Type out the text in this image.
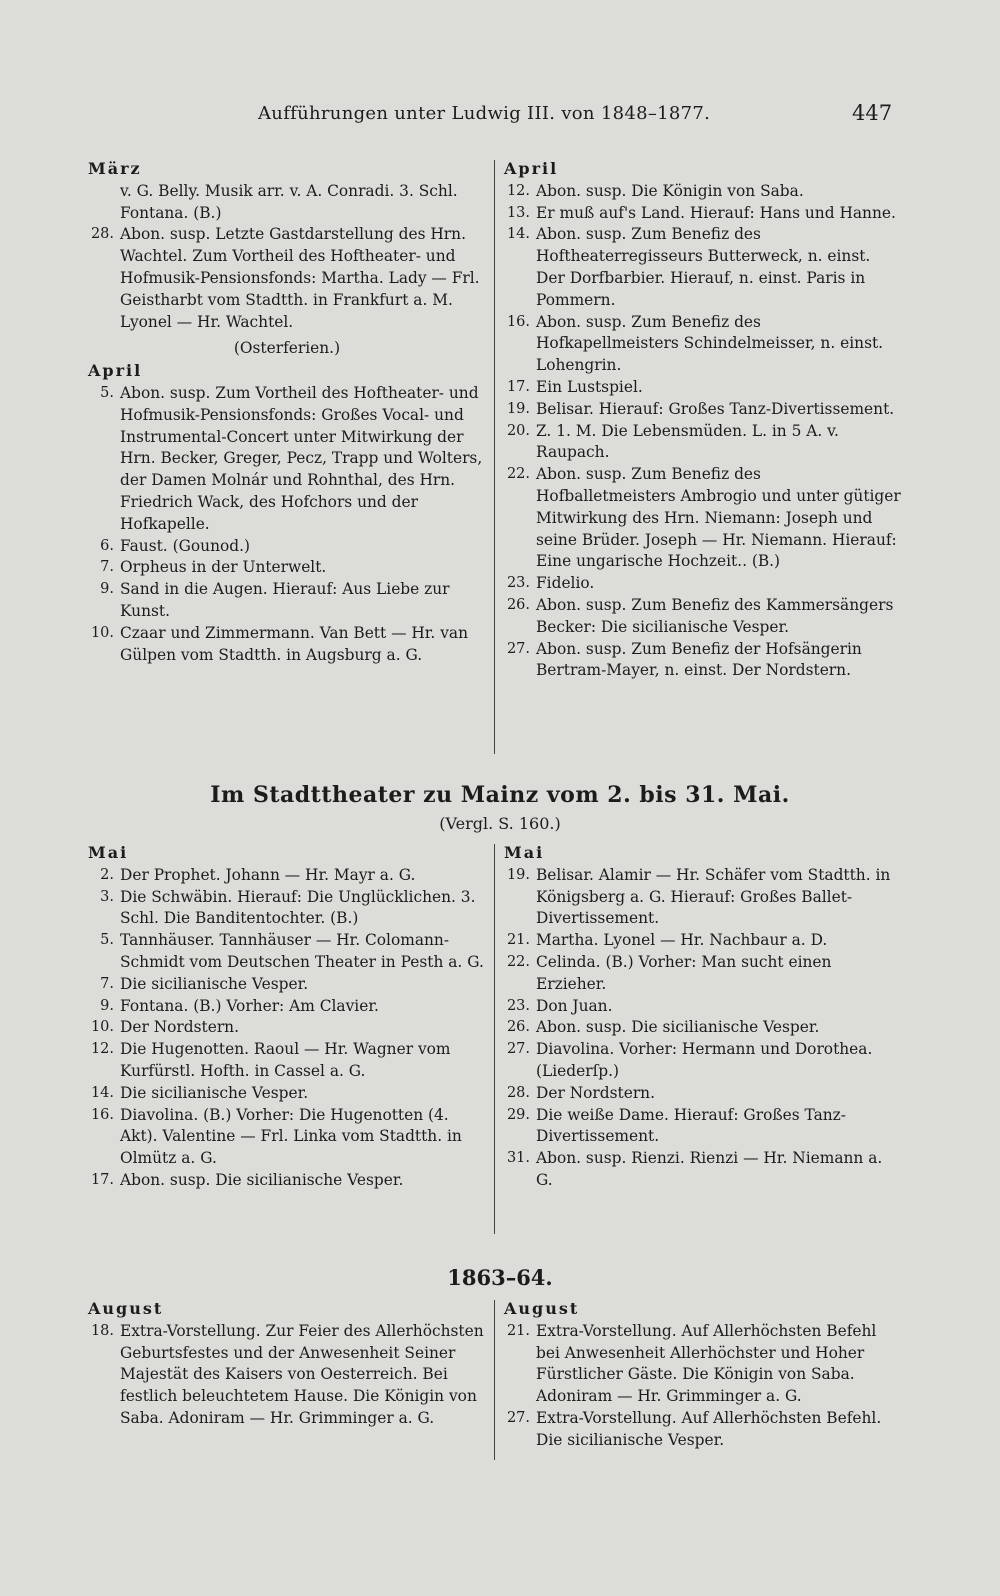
Aufführungen unter Ludwig III. von 1848–1877.	447
März
v. G. Belly. Musik arr. v. A. Conradi. 3. Schl. Fontana. (B.)
28. Abon. susp. Letzte Gastdarstellung des Hrn. Wachtel. Zum Vortheil des Hoftheater- und Hofmusik-Pensionsfonds: Martha. Lady — Frl. Geistharbt vom Stadtth. in Frankfurt a. M. Lyonel — Hr. Wachtel.
(Osterferien.)
April
5. Abon. susp. Zum Vortheil des Hoftheater- und Hofmusik-Pensionsfonds: Großes Vocal- und Instrumental-Concert unter Mitwirkung der Hrn. Becker, Greger, Pecz, Trapp und Wolters, der Damen Molnár und Rohnthal, des Hrn. Friedrich Wack, des Hofchors und der Hofkapelle.
6. Faust. (Gounod.)
7. Orpheus in der Unterwelt.
9. Sand in die Augen. Hierauf: Aus Liebe zur Kunst.
10. Czaar und Zimmermann. Van Bett — Hr. van Gülpen vom Stadtth. in Augsburg a. G.
April
12. Abon. susp. Die Königin von Saba.
13. Er muß auf's Land. Hierauf: Hans und Hanne.
14. Abon. susp. Zum Benefiz des Hoftheaterregisseurs Butterweck, n. einst. Der Dorfbarbier. Hierauf, n. einst. Paris in Pommern.
16. Abon. susp. Zum Benefiz des Hofkapellmeisters Schindelmeisser, n. einst. Lohengrin.
17. Ein Lustspiel.
19. Belisar. Hierauf: Großes Tanz-Divertissement.
20. Z. 1. M. Die Lebensmüden. L. in 5 A. v. Raupach.
22. Abon. susp. Zum Benefiz des Hofballetmeisters Ambrogio und unter gütiger Mitwirkung des Hrn. Niemann: Joseph und seine Brüder. Joseph — Hr. Niemann. Hierauf: Eine ungarische Hochzeit.. (B.)
23. Fidelio.
26. Abon. susp. Zum Benefiz des Kammersängers Becker: Die sicilianische Vesper.
27. Abon. susp. Zum Benefiz der Hofsängerin Bertram-Mayer, n. einst. Der Nordstern.
Im Stadttheater zu Mainz vom 2. bis 31. Mai.
(Vergl. S. 160.)
Mai
2. Der Prophet. Johann — Hr. Mayr a. G.
3. Die Schwäbin. Hierauf: Die Unglücklichen. 3. Schl. Die Banditentochter. (B.)
5. Tannhäuser. Tannhäuser — Hr. Colomann-Schmidt vom Deutschen Theater in Pesth a. G.
7. Die sicilianische Vesper.
9. Fontana. (B.) Vorher: Am Clavier.
10. Der Nordstern.
12. Die Hugenotten. Raoul — Hr. Wagner vom Kurfürstl. Hofth. in Cassel a. G.
14. Die sicilianische Vesper.
16. Diavolina. (B.) Vorher: Die Hugenotten (4. Akt). Valentine — Frl. Linka vom Stadtth. in Olmütz a. G.
17. Abon. susp. Die sicilianische Vesper.
Mai
19. Belisar. Alamir — Hr. Schäfer vom Stadtth. in Königsberg a. G. Hierauf: Großes Ballet-Divertissement.
21. Martha. Lyonel — Hr. Nachbaur a. D.
22. Celinda. (B.) Vorher: Man sucht einen Erzieher.
23. Don Juan.
26. Abon. susp. Die sicilianische Vesper.
27. Diavolina. Vorher: Hermann und Dorothea. (Liederſp.)
28. Der Nordstern.
29. Die weiße Dame. Hierauf: Großes Tanz-Divertissement.
31. Abon. susp. Rienzi. Rienzi — Hr. Niemann a. G.
1863–64.
August
18. Extra-Vorstellung. Zur Feier des Allerhöchsten Geburtsfestes und der Anwesenheit Seiner Majestät des Kaisers von Oesterreich. Bei festlich beleuchtetem Hause. Die Königin von Saba. Adoniram — Hr. Grimminger a. G.
August
21. Extra-Vorstellung. Auf Allerhöchsten Befehl bei Anwesenheit Allerhöchster und Hoher Fürstlicher Gäste. Die Königin von Saba. Adoniram — Hr. Grimminger a. G.
27. Extra-Vorstellung. Auf Allerhöchsten Befehl. Die sicilianische Vesper.
